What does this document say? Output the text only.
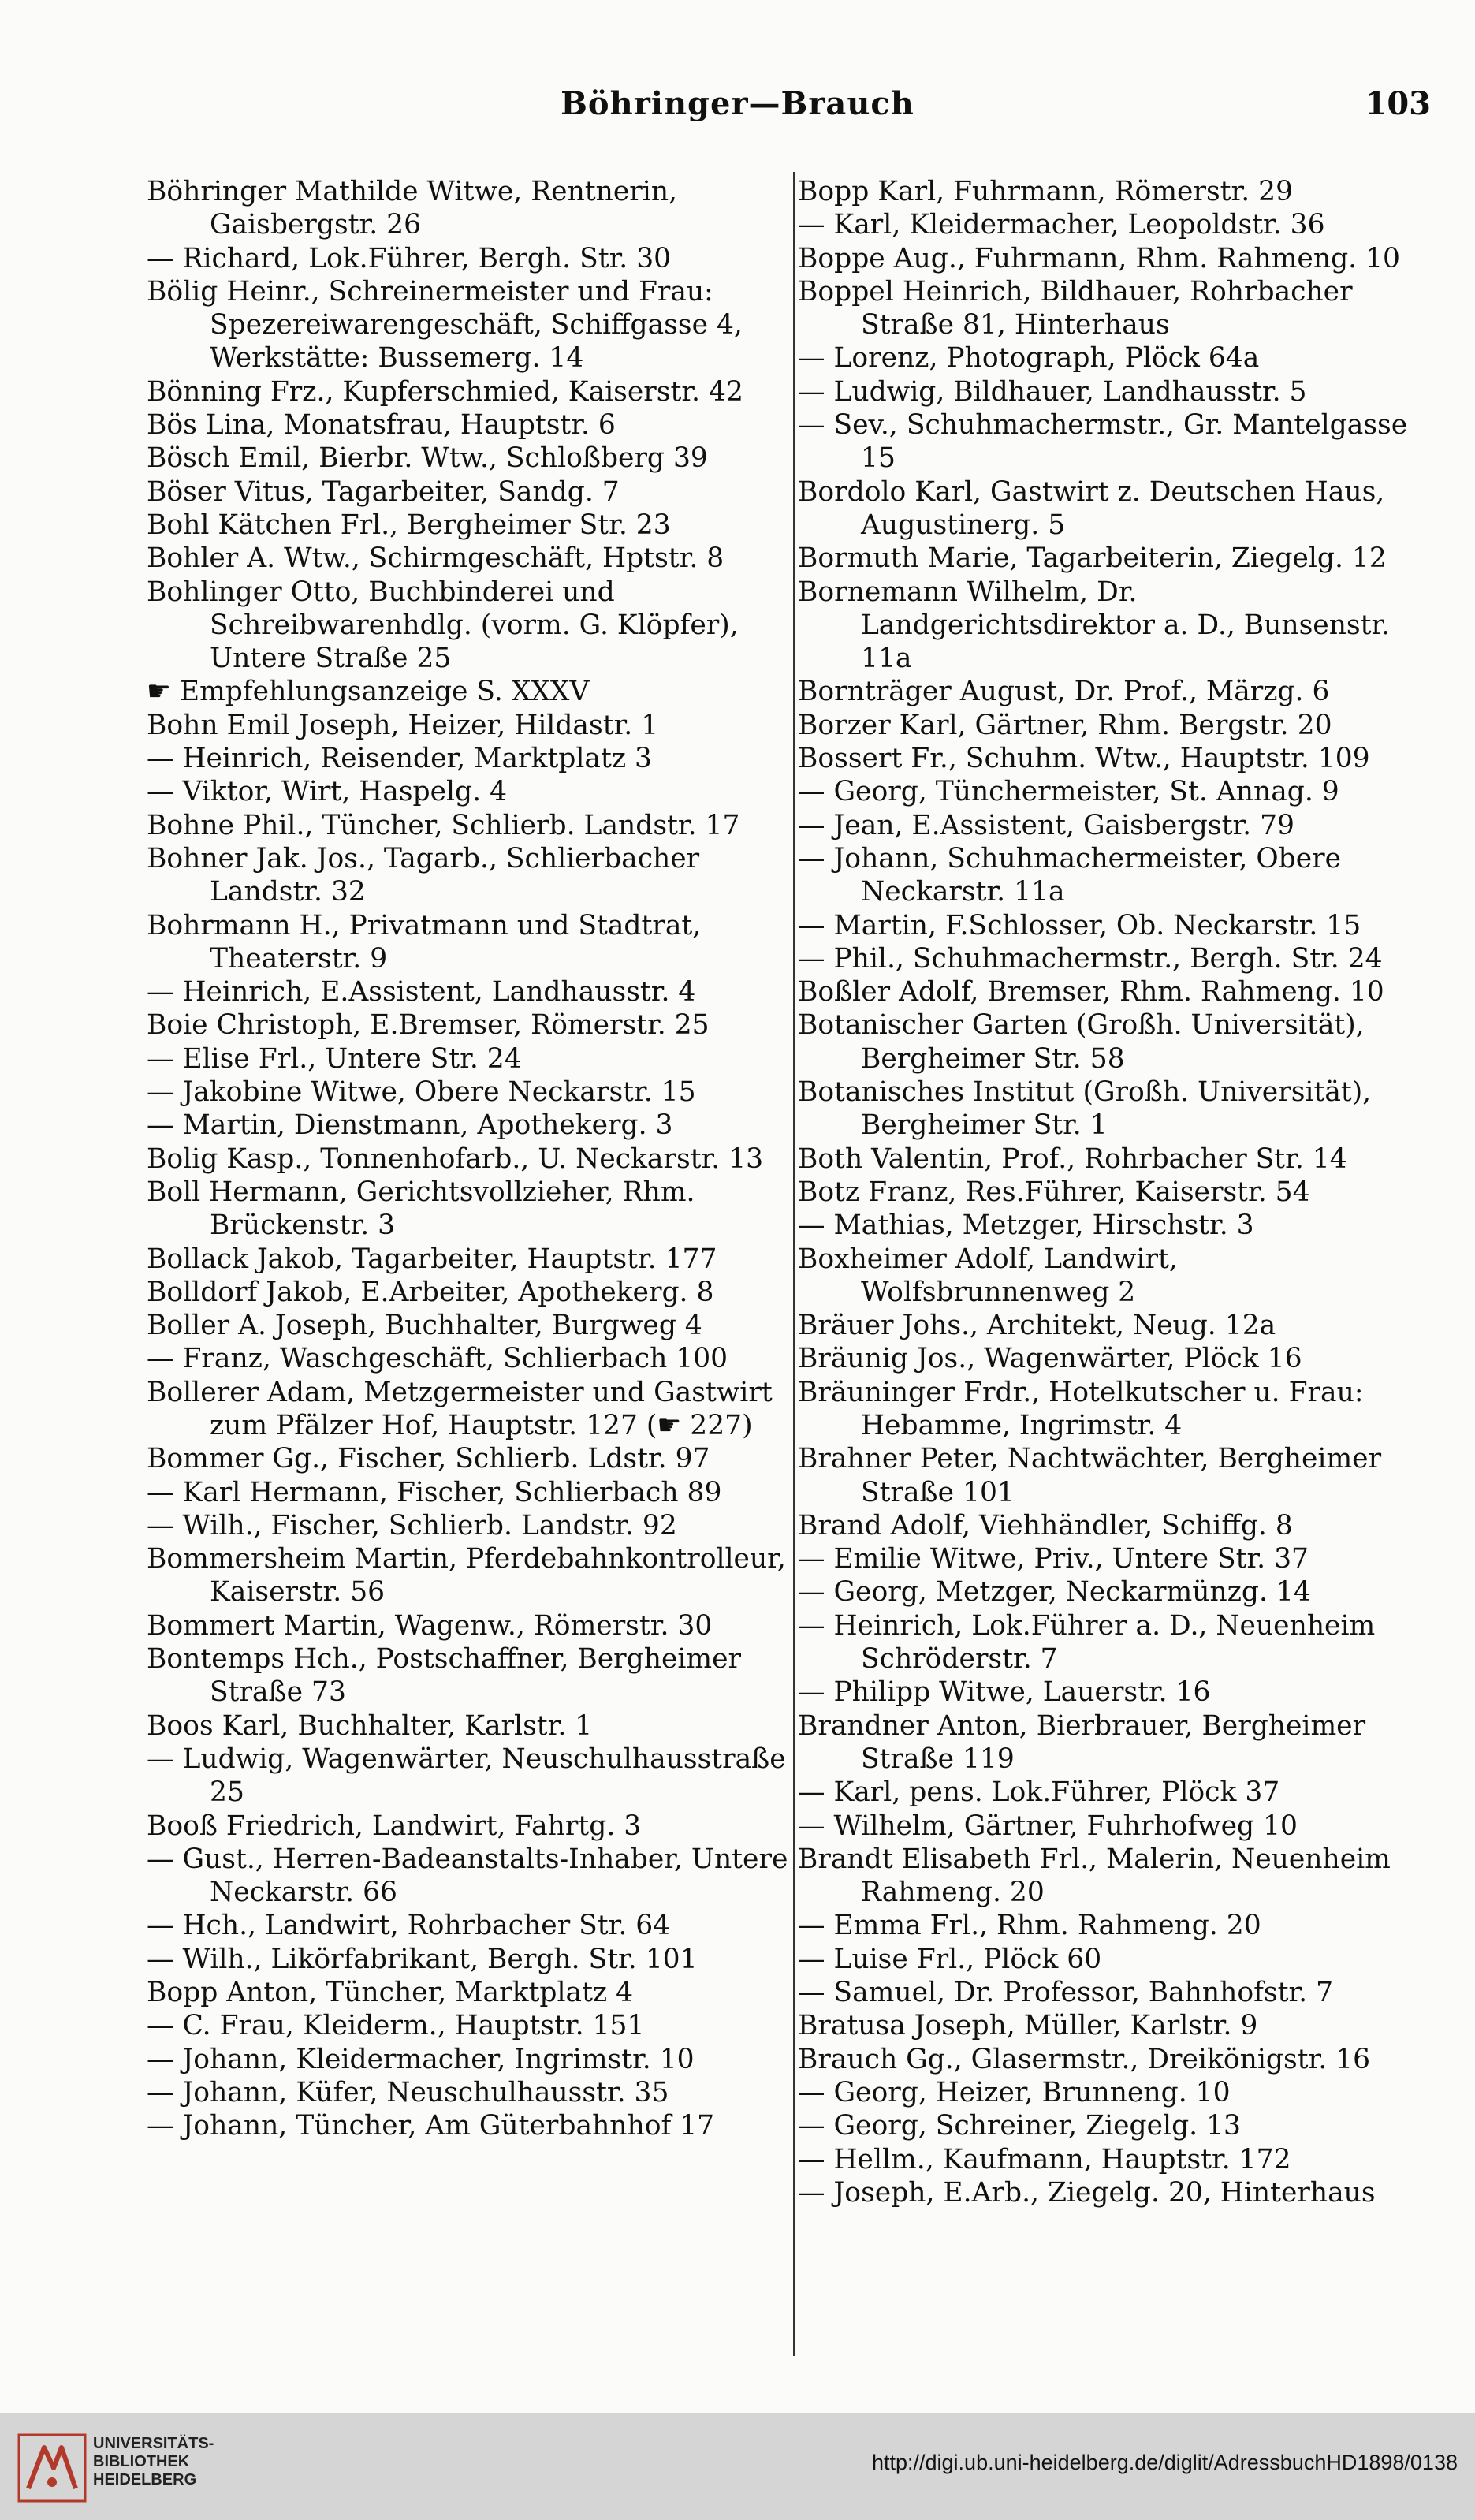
Böhringer—Brauch	103
Böhringer Mathilde Witwe, Rentnerin, Gaisbergstr. 26
— Richard, Lok.Führer, Bergh. Str. 30
Bölig Heinr., Schreinermeister und Frau: Spezereiwarengeschäft, Schiffgasse 4, Werkstätte: Bussemerg. 14
Bönning Frz., Kupferschmied, Kaiserstr. 42
Bös Lina, Monatsfrau, Hauptstr. 6
Bösch Emil, Bierbr. Wtw., Schloßberg 39
Böser Vitus, Tagarbeiter, Sandg. 7
Bohl Kätchen Frl., Bergheimer Str. 23
Bohler A. Wtw., Schirmgeschäft, Hptstr. 8
Bohlinger Otto, Buchbinderei und Schreibwarenhdlg. (vorm. G. Klöpfer), Untere Straße 25
☛ Empfehlungsanzeige S. XXXV
Bohn Emil Joseph, Heizer, Hildastr. 1
— Heinrich, Reisender, Marktplatz 3
— Viktor, Wirt, Haspelg. 4
Bohne Phil., Tüncher, Schlierb. Landstr. 17
Bohner Jak. Jos., Tagarb., Schlierbacher Landstr. 32
Bohrmann H., Privatmann und Stadtrat, Theaterstr. 9
— Heinrich, E.Assistent, Landhausstr. 4
Boie Christoph, E.Bremser, Römerstr. 25
— Elise Frl., Untere Str. 24
— Jakobine Witwe, Obere Neckarstr. 15
— Martin, Dienstmann, Apothekerg. 3
Bolig Kasp., Tonnenhofarb., U. Neckarstr. 13
Boll Hermann, Gerichtsvollzieher, Rhm. Brückenstr. 3
Bollack Jakob, Tagarbeiter, Hauptstr. 177
Bolldorf Jakob, E.Arbeiter, Apothekerg. 8
Boller A. Joseph, Buchhalter, Burgweg 4
— Franz, Waschgeschäft, Schlierbach 100
Bollerer Adam, Metzgermeister und Gastwirt zum Pfälzer Hof, Hauptstr. 127 (☛ 227)
Bommer Gg., Fischer, Schlierb. Ldstr. 97
— Karl Hermann, Fischer, Schlierbach 89
— Wilh., Fischer, Schlierb. Landstr. 92
Bommersheim Martin, Pferdebahnkontrolleur, Kaiserstr. 56
Bommert Martin, Wagenw., Römerstr. 30
Bontemps Hch., Postschaffner, Bergheimer Straße 73
Boos Karl, Buchhalter, Karlstr. 1
— Ludwig, Wagenwärter, Neuschulhausstraße 25
Booß Friedrich, Landwirt, Fahrtg. 3
— Gust., Herren-Badeanstalts-Inhaber, Untere Neckarstr. 66
— Hch., Landwirt, Rohrbacher Str. 64
— Wilh., Likörfabrikant, Bergh. Str. 101
Bopp Anton, Tüncher, Marktplatz 4
— C. Frau, Kleiderm., Hauptstr. 151
— Johann, Kleidermacher, Ingrimstr. 10
— Johann, Küfer, Neuschulhausstr. 35
— Johann, Tüncher, Am Güterbahnhof 17
Bopp Karl, Fuhrmann, Römerstr. 29
— Karl, Kleidermacher, Leopoldstr. 36
Boppe Aug., Fuhrmann, Rhm. Rahmeng. 10
Boppel Heinrich, Bildhauer, Rohrbacher Straße 81, Hinterhaus
— Lorenz, Photograph, Plöck 64a
— Ludwig, Bildhauer, Landhausstr. 5
— Sev., Schuhmachermstr., Gr. Mantelgasse 15
Bordolo Karl, Gastwirt z. Deutschen Haus, Augustinerg. 5
Bormuth Marie, Tagarbeiterin, Ziegelg. 12
Bornemann Wilhelm, Dr. Landgerichtsdirektor a. D., Bunsenstr. 11a
Bornträger August, Dr. Prof., Märzg. 6
Borzer Karl, Gärtner, Rhm. Bergstr. 20
Bossert Fr., Schuhm. Wtw., Hauptstr. 109
— Georg, Tünchermeister, St. Annag. 9
— Jean, E.Assistent, Gaisbergstr. 79
— Johann, Schuhmachermeister, Obere Neckarstr. 11a
— Martin, F.Schlosser, Ob. Neckarstr. 15
— Phil., Schuhmachermstr., Bergh. Str. 24
Boßler Adolf, Bremser, Rhm. Rahmeng. 10
Botanischer Garten (Großh. Universität), Bergheimer Str. 58
Botanisches Institut (Großh. Universität), Bergheimer Str. 1
Both Valentin, Prof., Rohrbacher Str. 14
Botz Franz, Res.Führer, Kaiserstr. 54
— Mathias, Metzger, Hirschstr. 3
Boxheimer Adolf, Landwirt, Wolfsbrunnenweg 2
Bräuer Johs., Architekt, Neug. 12a
Bräunig Jos., Wagenwärter, Plöck 16
Bräuninger Frdr., Hotelkutscher u. Frau: Hebamme, Ingrimstr. 4
Brahner Peter, Nachtwächter, Bergheimer Straße 101
Brand Adolf, Viehhändler, Schiffg. 8
— Emilie Witwe, Priv., Untere Str. 37
— Georg, Metzger, Neckarmünzg. 14
— Heinrich, Lok.Führer a. D., Neuenheim Schröderstr. 7
— Philipp Witwe, Lauerstr. 16
Brandner Anton, Bierbrauer, Bergheimer Straße 119
— Karl, pens. Lok.Führer, Plöck 37
— Wilhelm, Gärtner, Fuhrhofweg 10
Brandt Elisabeth Frl., Malerin, Neuenheim Rahmeng. 20
— Emma Frl., Rhm. Rahmeng. 20
— Luise Frl., Plöck 60
— Samuel, Dr. Professor, Bahnhofstr. 7
Bratusa Joseph, Müller, Karlstr. 9
Brauch Gg., Glasermstr., Dreikönigstr. 16
— Georg, Heizer, Brunneng. 10
— Georg, Schreiner, Ziegelg. 13
— Hellm., Kaufmann, Hauptstr. 172
— Joseph, E.Arb., Ziegelg. 20, Hinterhaus
UNIVERSITÄTS-
BIBLIOTHEK
HEIDELBERG
http://digi.ub.uni-heidelberg.de/diglit/AdressbuchHD1898/0138
